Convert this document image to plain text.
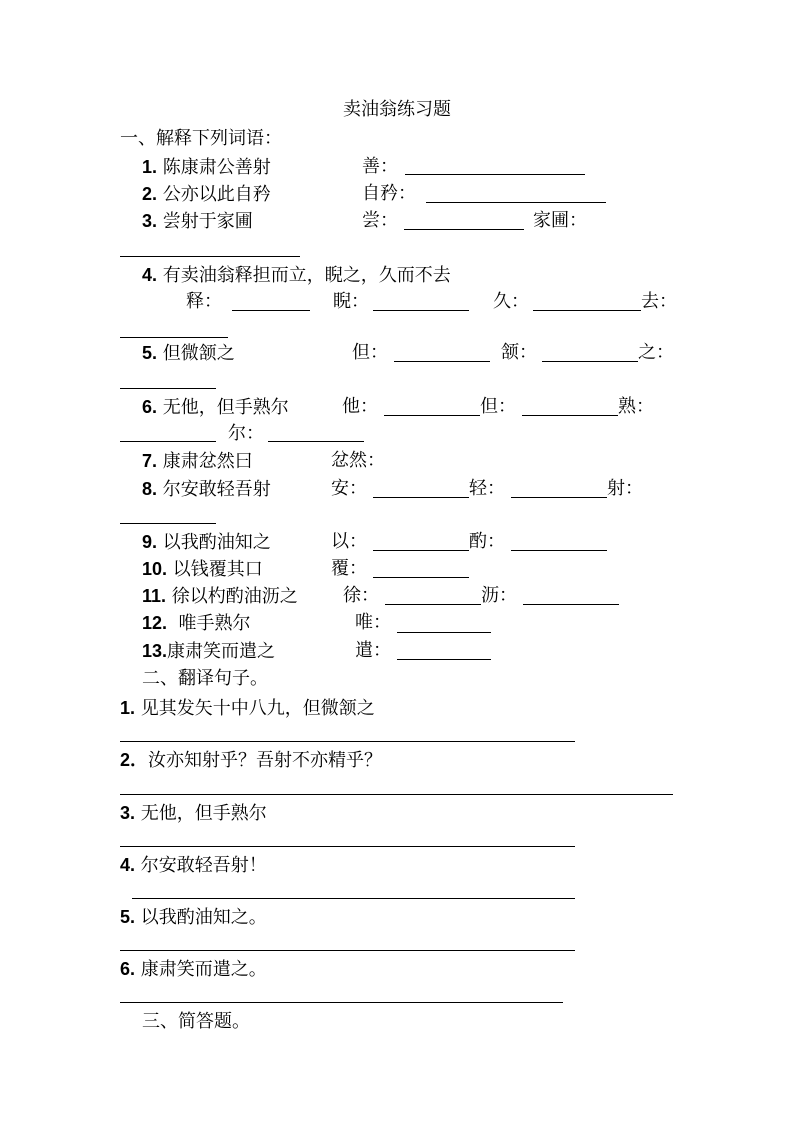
卖油翁练习题
一、解释下列词语：
1. 陈康肃公善射	善：
2. 公亦以此自矜	自矜：
3. 尝射于家圃	尝：	家圃：
4. 有卖油翁释担而立，睨之，久而不去
释：	睨：	久：	去：
5. 但微颔之	但：	颔：	之：
6. 无他，但手熟尔	他：	但：	熟：
尔：
7. 康肃忿然曰	忿然：
8. 尔安敢轻吾射	安：	轻：	射：
9. 以我酌油知之	以：	酌：
10. 以钱覆其口	覆：
11. 徐以杓酌油沥之	徐：	沥：
12. 唯手熟尔	唯：
13.康肃笑而遣之	遣：
二、翻译句子。
1. 见其发矢十中八九，但微颔之
2．汝亦知射乎？吾射不亦精乎？
3. 无他，但手熟尔
4. 尔安敢轻吾射！
5. 以我酌油知之。
6. 康肃笑而遣之。
三、简答题。
